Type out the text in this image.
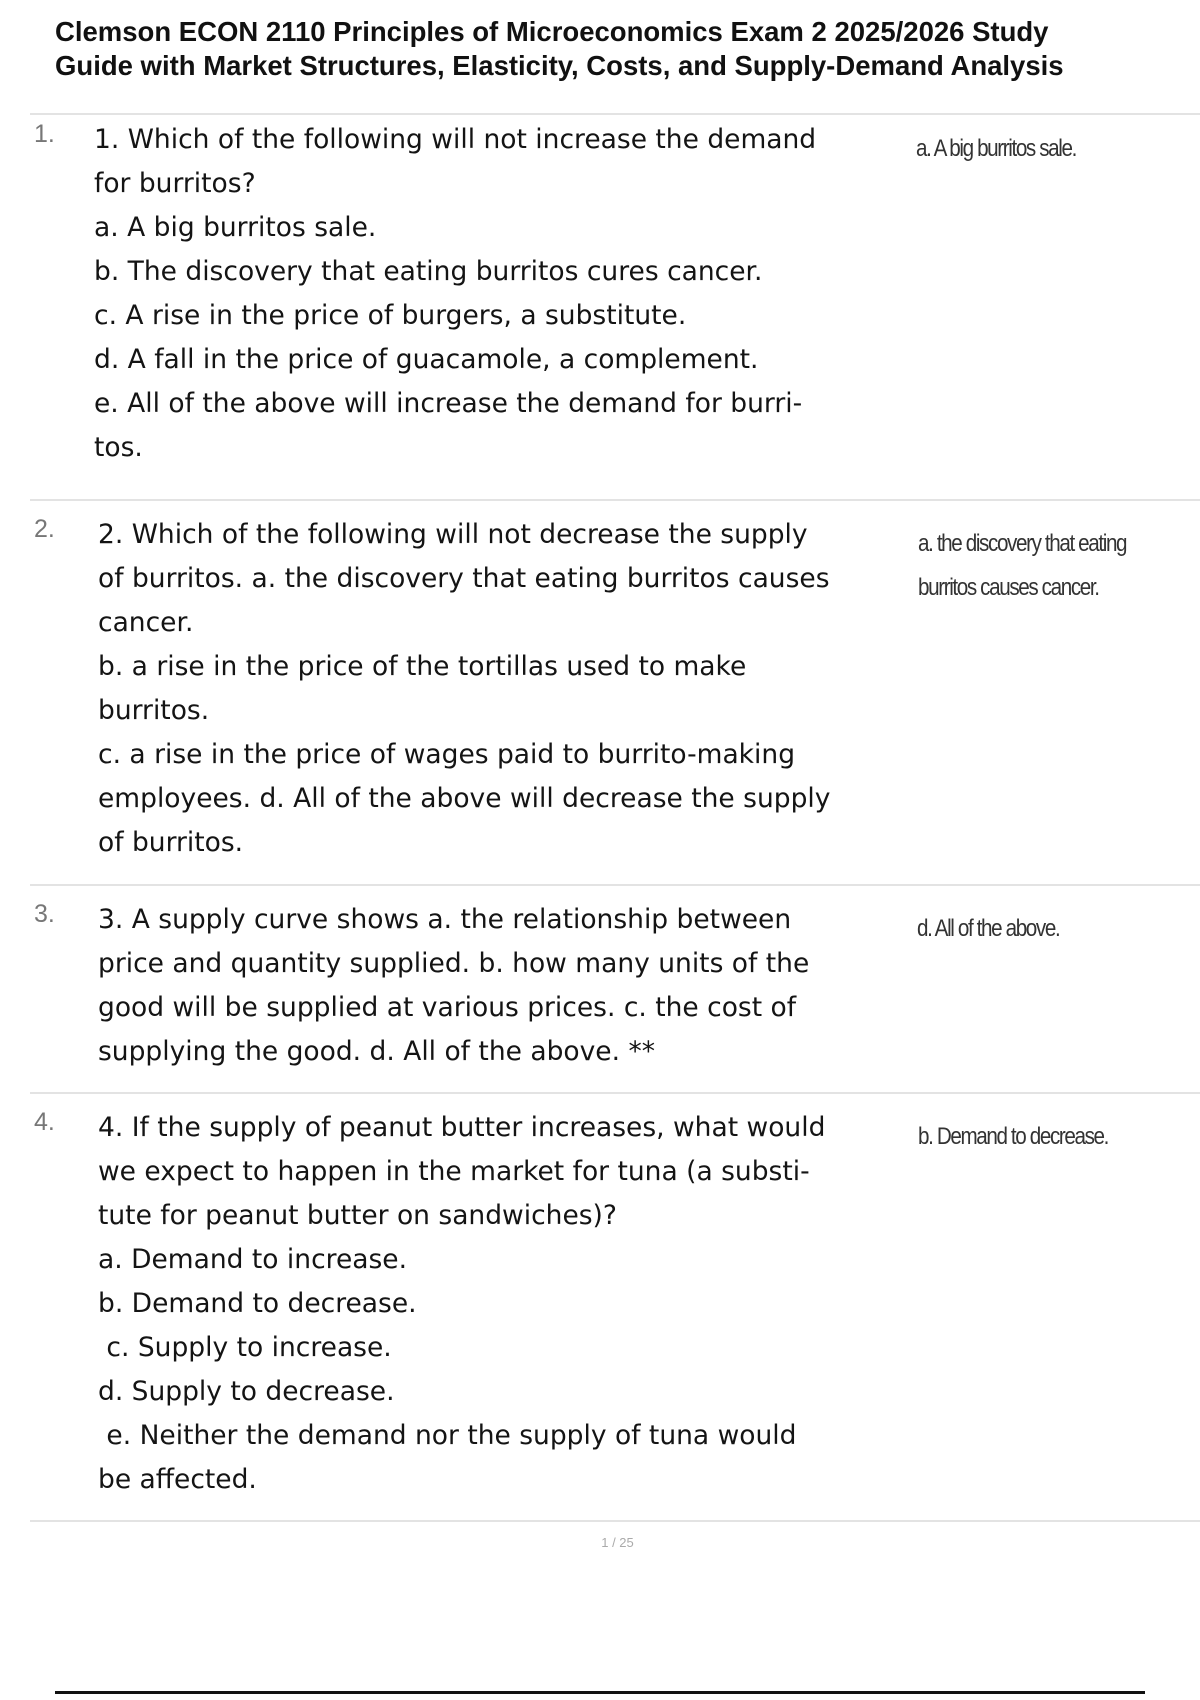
Clemson ECON 2110 Principles of Microeconomics Exam 2 2025/2026 Study
Guide with Market Structures, Elasticity, Costs, and Supply-Demand Analysis
1. 1. Which of the following will not increase the demand
for burritos?
a. A big burritos sale.
b. The discovery that eating burritos cures cancer.
c. A rise in the price of burgers, a substitute.
d. A fall in the price of guacamole, a complement.
e. All of the above will increase the demand for burri-
tos.
a. A big burritos sale.
2. 2. Which of the following will not decrease the supply
of burritos. a. the discovery that eating burritos causes
cancer.
b. a rise in the price of the tortillas used to make
burritos.
c. a rise in the price of wages paid to burrito-making
employees. d. All of the above will decrease the supply
of burritos.
a. the discovery that eating
burritos causes cancer.
3. 3. A supply curve shows a. the relationship between
price and quantity supplied. b. how many units of the
good will be supplied at various prices. c. the cost of
supplying the good. d. All of the above. **
d. All of the above.
4. 4. If the supply of peanut butter increases, what would
we expect to happen in the market for tuna (a substi-
tute for peanut butter on sandwiches)?
a. Demand to increase.
b. Demand to decrease.
c. Supply to increase.
d. Supply to decrease.
e. Neither the demand nor the supply of tuna would
be affected.
b. Demand to decrease.
1 / 25
